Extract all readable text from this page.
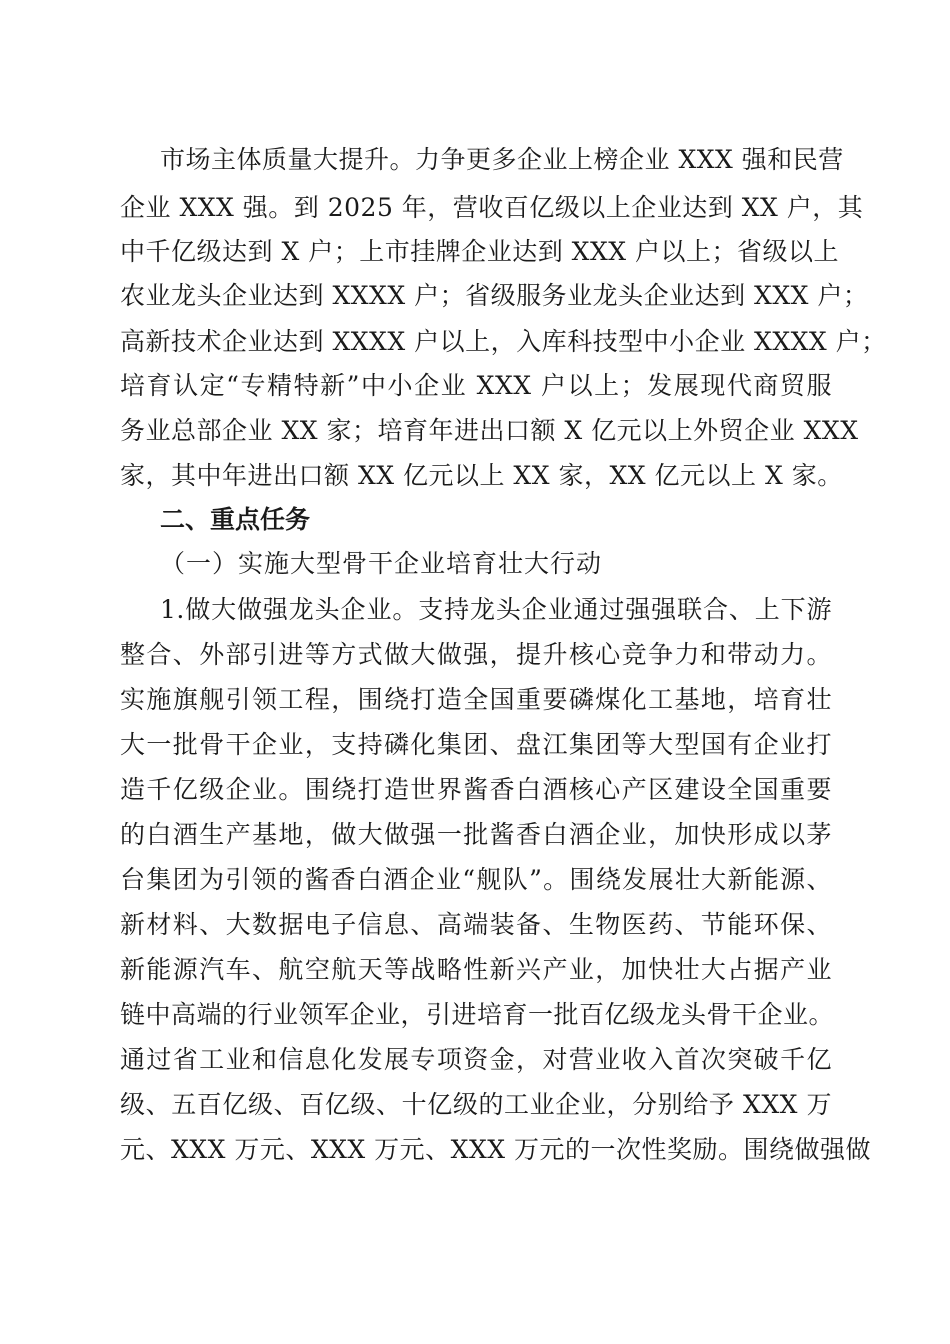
市场主体质量大提升。力争更多企业上榜企业 XXX 强和民营
企业 XXX 强。到 2025 年，营收百亿级以上企业达到 XX 户，其
中千亿级达到 X 户；上市挂牌企业达到 XXX 户以上；省级以上
农业龙头企业达到 XXXX 户；省级服务业龙头企业达到 XXX 户；
高新技术企业达到 XXXX 户以上，入库科技型中小企业 XXXX 户；
培育认定“专精特新”中小企业 XXX 户以上；发展现代商贸服
务业总部企业 XX 家；培育年进出口额 X 亿元以上外贸企业 XXX
家，其中年进出口额 XX 亿元以上 XX 家，XX 亿元以上 X 家。
二、重点任务
（一）实施大型骨干企业培育壮大行动
1.做大做强龙头企业。支持龙头企业通过强强联合、上下游
整合、外部引进等方式做大做强，提升核心竞争力和带动力。
实施旗舰引领工程，围绕打造全国重要磷煤化工基地，培育壮
大一批骨干企业，支持磷化集团、盘江集团等大型国有企业打
造千亿级企业。围绕打造世界酱香白酒核心产区建设全国重要
的白酒生产基地，做大做强一批酱香白酒企业，加快形成以茅
台集团为引领的酱香白酒企业“舰队”。围绕发展壮大新能源、
新材料、大数据电子信息、高端装备、生物医药、节能环保、
新能源汽车、航空航天等战略性新兴产业，加快壮大占据产业
链中高端的行业领军企业，引进培育一批百亿级龙头骨干企业。
通过省工业和信息化发展专项资金，对营业收入首次突破千亿
级、五百亿级、百亿级、十亿级的工业企业，分别给予 XXX 万
元、XXX 万元、XXX 万元、XXX 万元的一次性奖励。围绕做强做
